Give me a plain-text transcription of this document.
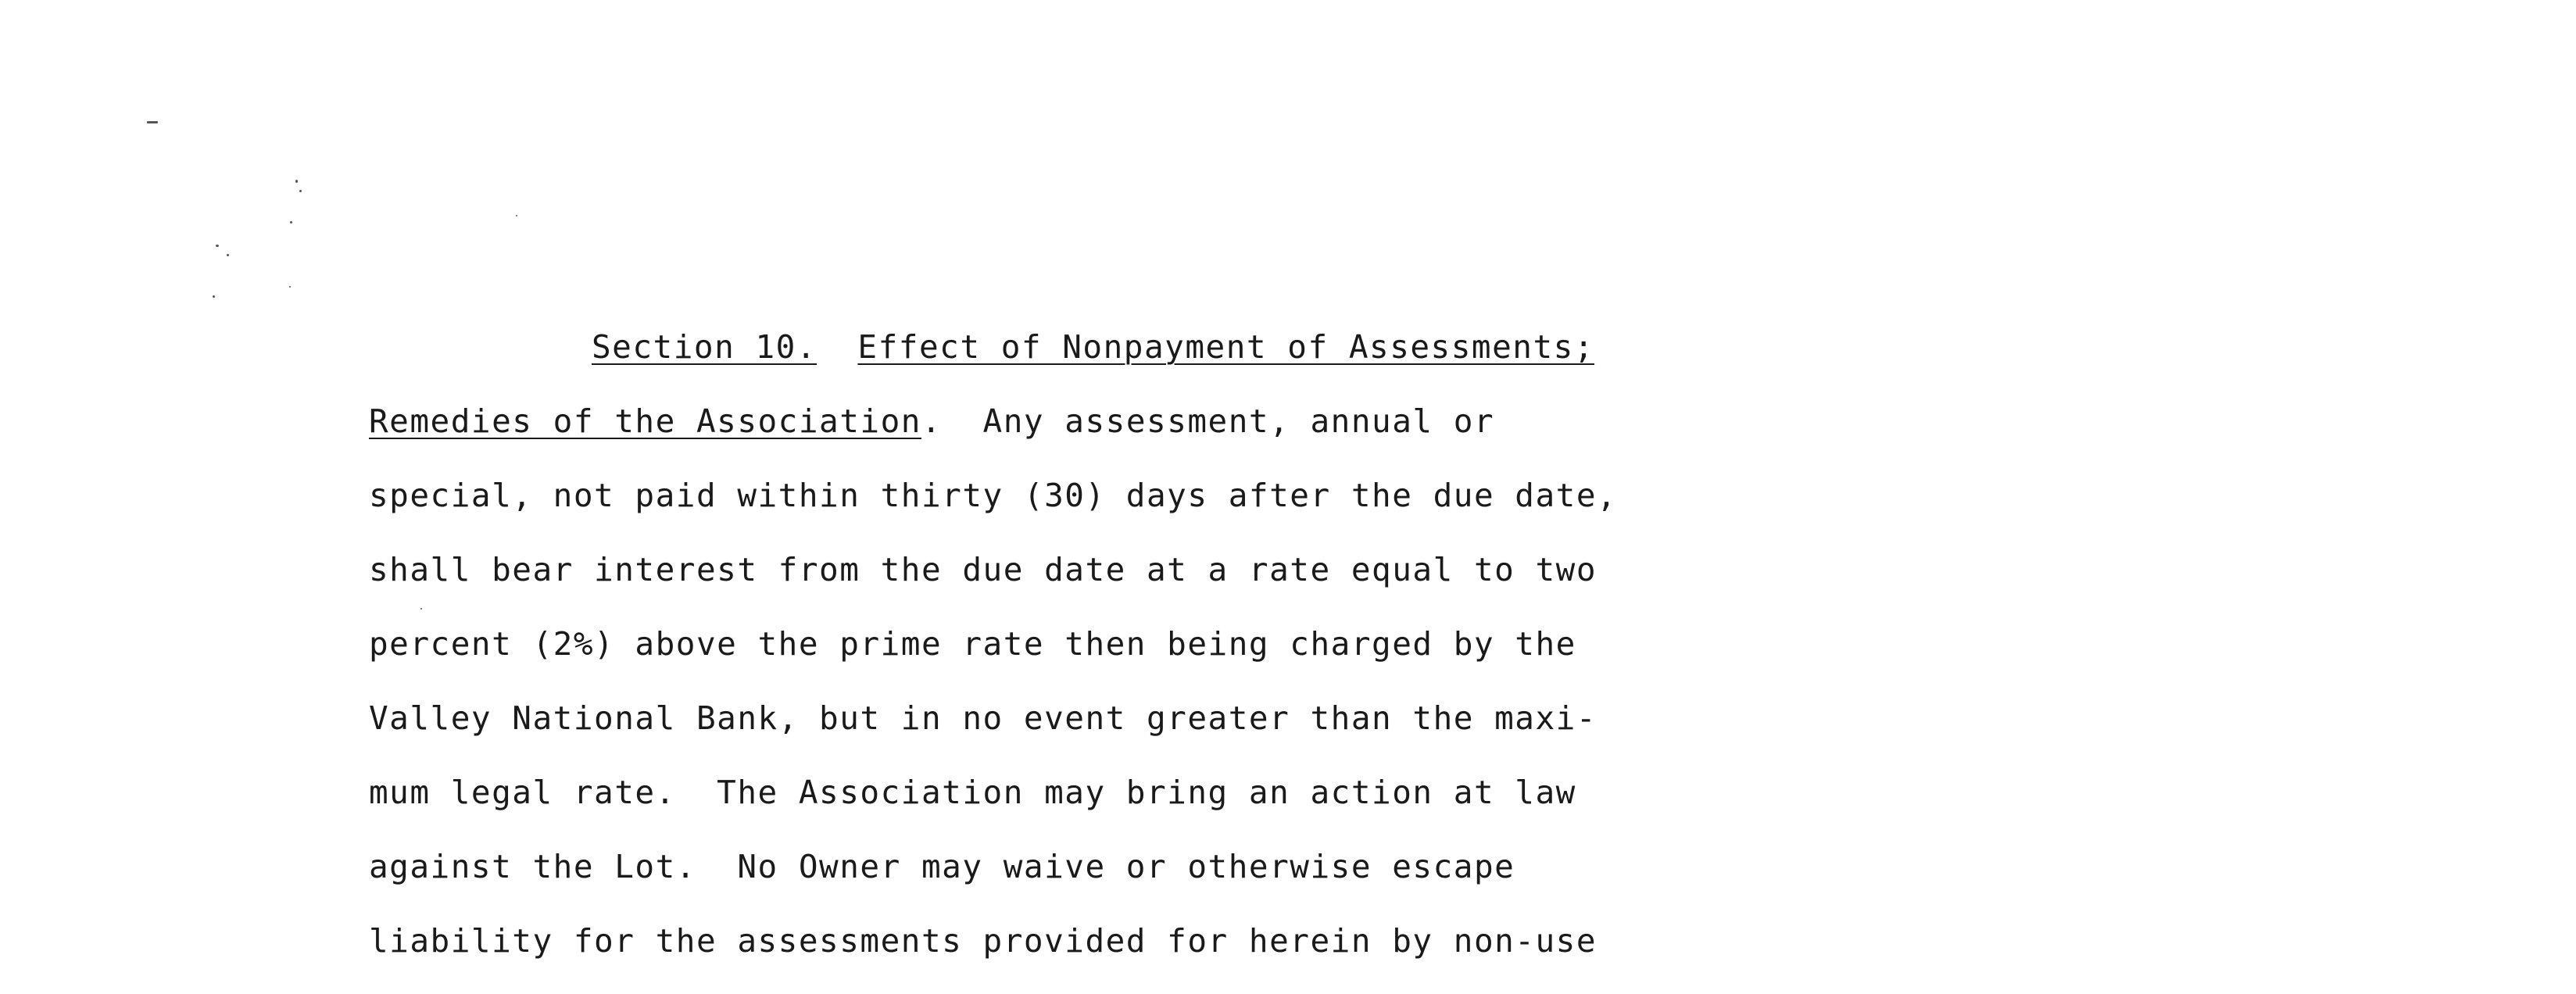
Section 10. Effect of Nonpayment of Assessments;
Remedies of the Association.  Any assessment, annual or
special, not paid within thirty (30) days after the due date,
shall bear interest from the due date at a rate equal to two
percent (2%) above the prime rate then being charged by the
Valley National Bank, but in no event greater than the maxi-
mum legal rate.  The Association may bring an action at law
against the Lot.  No Owner may waive or otherwise escape
liability for the assessments provided for herein by non-use
